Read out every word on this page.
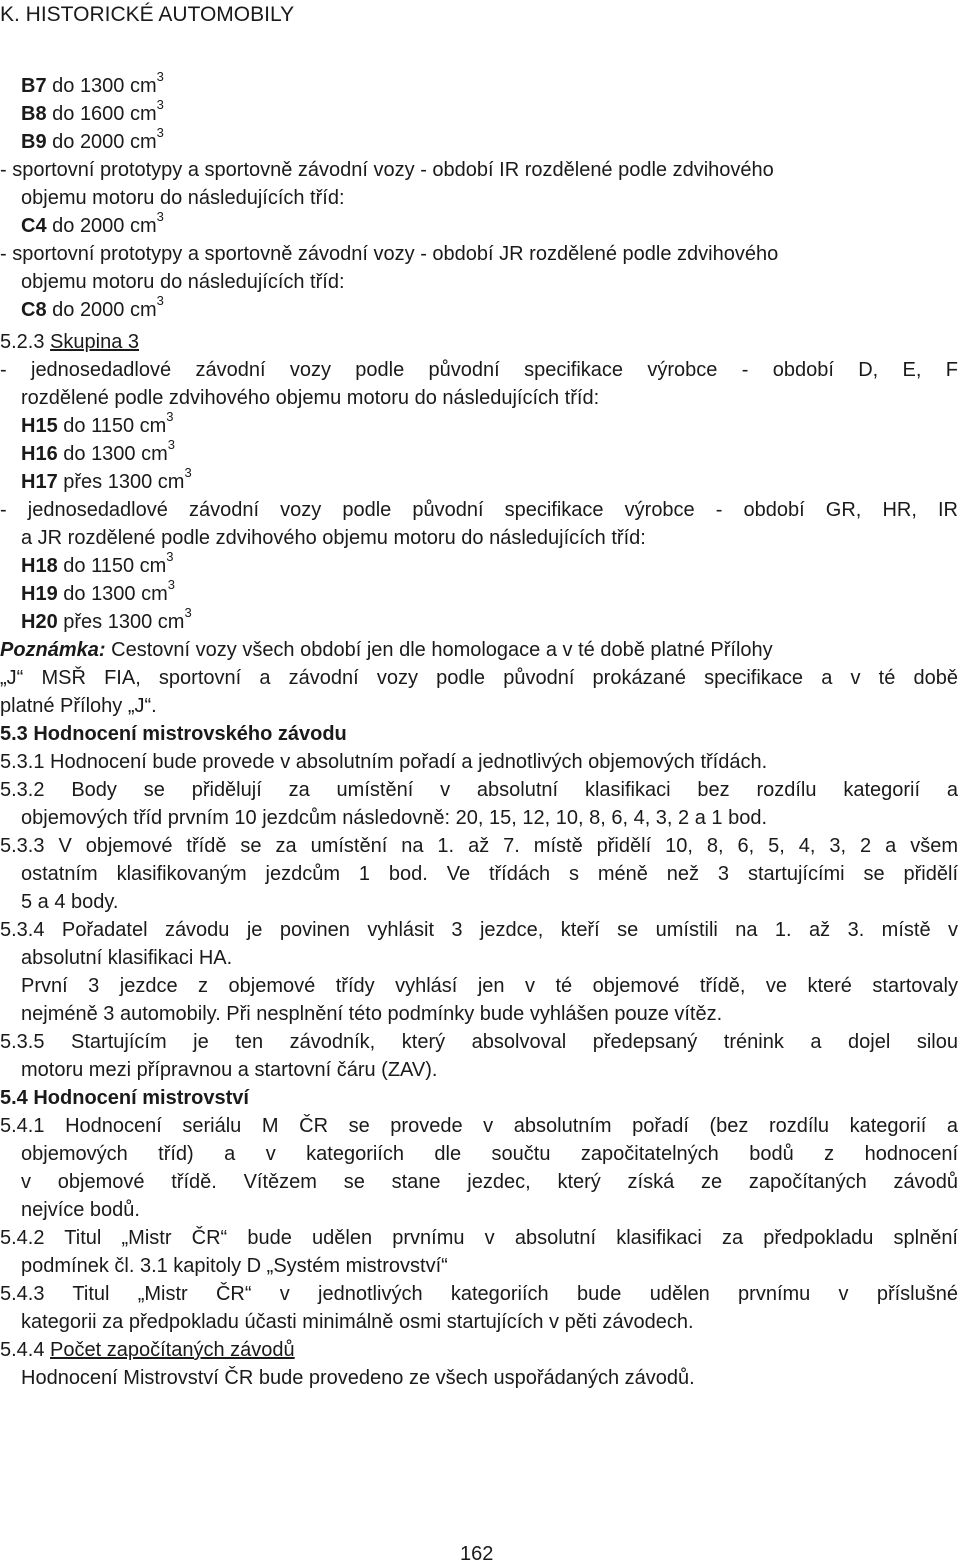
K. HISTORICKÉ AUTOMOBILY
B7 do 1300 $cm^3$
B8 do 1600 $cm^3$
B9 do 2000 $cm^3$
- sportovní prototypy a sportovně závodní vozy - období IR rozdělené podle zdvihového
objemu motoru do následujících tříd:
C4 do 2000 $cm^3$
- sportovní prototypy a sportovně závodní vozy - období JR rozdělené podle zdvihového
objemu motoru do následujících tříd:
C8 do 2000 $cm^3$
5.2.3 Skupina 3
- jednosedadlové závodní vozy podle původní specifikace výrobce - období D, E, F
rozdělené podle zdvihového objemu motoru do následujících tříd:
H15 do 1150 $cm^3$
H16 do 1300 $cm^3$
H17 přes 1300 $cm^3$
- jednosedadlové závodní vozy podle původní specifikace výrobce - období GR, HR, IR
a JR rozdělené podle zdvihového objemu motoru do následujících tříd:
H18 do 1150 $cm^3$
H19 do 1300 $cm^3$
H20 přes 1300 $cm^3$
Poznámka: Cestovní vozy všech období jen dle homologace a v té době platné Přílohy
„J“ MSŘ FIA, sportovní a závodní vozy podle původní prokázané specifikace a v té době
platné Přílohy „J“.
5.3 Hodnocení mistrovského závodu
5.3.1 Hodnocení bude provede v absolutním pořadí a jednotlivých objemových třídách.
5.3.2 Body se přidělují za umístění v absolutní klasifikaci bez rozdílu kategorií a
objemových tříd prvním 10 jezdcům následovně: 20, 15, 12, 10, 8, 6, 4, 3, 2 a 1 bod.
5.3.3 V objemové třídě se za umístění na 1. až 7. místě přidělí 10, 8, 6, 5, 4, 3, 2 a všem
ostatním klasifikovaným jezdcům 1 bod. Ve třídách s méně než 3 startujícími se přidělí
5 a 4 body.
5.3.4 Pořadatel závodu je povinen vyhlásit 3 jezdce, kteří se umístili na 1. až 3. místě v
absolutní klasifikaci HA.
První 3 jezdce z objemové třídy vyhlásí jen v té objemové třídě, ve které startovaly
nejméně 3 automobily. Při nesplnění této podmínky bude vyhlášen pouze vítěz.
5.3.5 Startujícím je ten závodník, který absolvoval předepsaný trénink a dojel silou
motoru mezi přípravnou a startovní čáru (ZAV).
5.4 Hodnocení mistrovství
5.4.1 Hodnocení seriálu M ČR se provede v absolutním pořadí (bez rozdílu kategorií a
objemových tříd) a v kategoriích dle součtu započitatelných bodů z hodnocení
v objemové třídě. Vítězem se stane jezdec, který získá ze započítaných závodů
nejvíce bodů.
5.4.2 Titul „Mistr ČR“ bude udělen prvnímu v absolutní klasifikaci za předpokladu splnění
podmínek čl. 3.1 kapitoly D „Systém mistrovství“
5.4.3 Titul „Mistr ČR“ v jednotlivých kategoriích bude udělen prvnímu v příslušné
kategorii za předpokladu účasti minimálně osmi startujících v pěti závodech.
5.4.4 Počet započítaných závodů
Hodnocení Mistrovství ČR bude provedeno ze všech uspořádaných závodů.
162
